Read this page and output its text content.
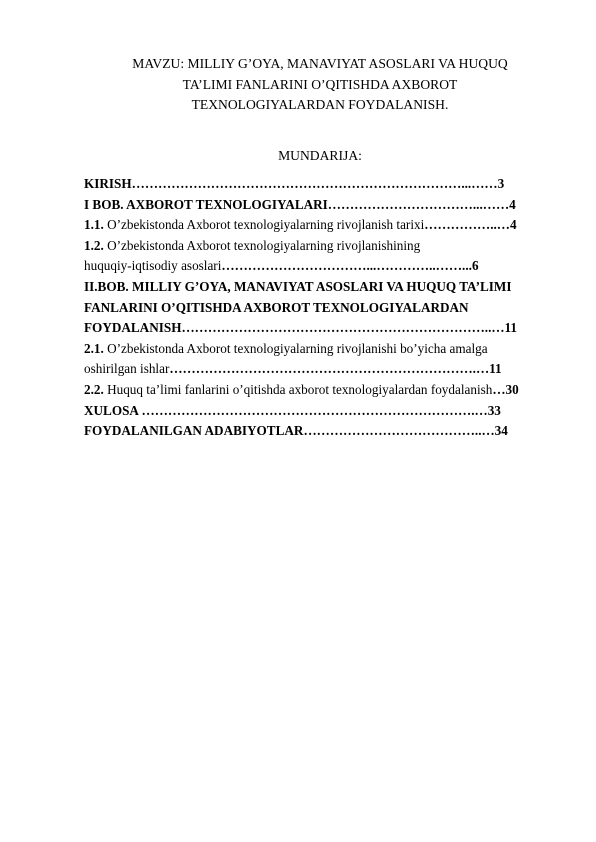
MAVZU: MILLIY G’OYA, MANAVIYAT ASOSLARI VA HUQUQ
TA’LIMI FANLARINI O’QITISHDA AXBOROT
TEXNOLOGIYALARDAN FOYDALANISH.
MUNDARIJA:
KIRISH…………………………………………………………………...……3
I BOB. AXBOROT TEXNOLOGIYALARI……………………………...……4
1.1. O’zbekistonda Axborot texnologiyalarning rivojlanish tarixi……………..…4
1.2. O’zbekistonda Axborot texnologiyalarning rivojlanishining
huquqiy-iqtisodiy asoslari……………………………...…………..……...6
II.BOB. MILLIY G’OYA, MANAVIYAT ASOSLARI VA HUQUQ TA’LIMI
FANLARINI O’QITISHDA AXBOROT TEXNOLOGIYALARDAN
FOYDALANISH……………………………………………………………..…11
2.1. O’zbekistonda Axborot texnologiyalarning rivojlanishi bo’yicha amalga
oshirilgan ishlar…………………………………………………………….…11
2.2. Huquq ta’limi fanlarini o’qitishda axborot texnologiyalardan foydalanish…30
XULOSA ………………………………………………………………….…33
FOYDALANILGAN ADABIYOTLAR…………………………………..…34
